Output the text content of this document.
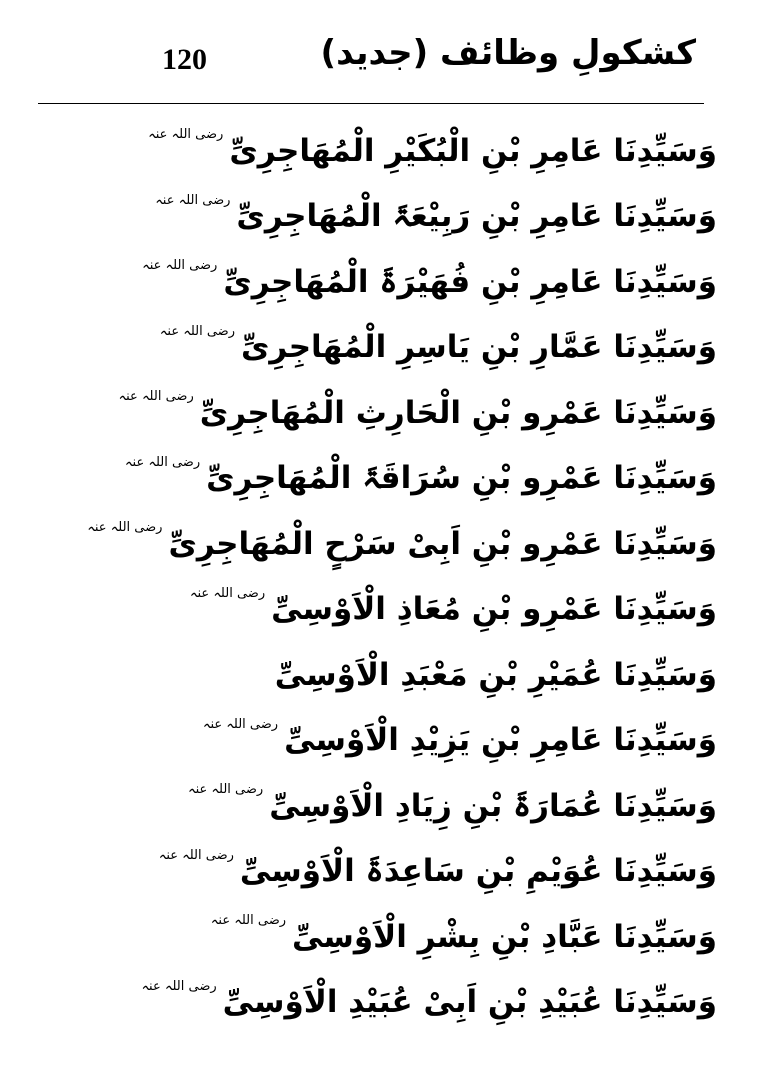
120	کشکولِ وظائف (جدید)
وَسَیِّدِنَا عَامِرِ بْنِ الْبُکَیْرِ الْمُهَاجِرِیِّ
رضی اللہ عنہ
وَسَیِّدِنَا عَامِرِ بْنِ رَبِیْعَۃَ الْمُهَاجِرِیِّ
رضی اللہ عنہ
وَسَیِّدِنَا عَامِرِ بْنِ فُھَیْرَۃَ الْمُهَاجِرِیِّ
رضی اللہ عنہ
وَسَیِّدِنَا عَمَّارِ بْنِ یَاسِرِ الْمُهَاجِرِیِّ
رضی اللہ عنہ
وَسَیِّدِنَا عَمْرِو بْنِ الْحَارِثِ الْمُهَاجِرِیِّ
رضی اللہ عنہ
وَسَیِّدِنَا عَمْرِو بْنِ سُرَاقَۃَ الْمُهَاجِرِیِّ
رضی اللہ عنہ
وَسَیِّدِنَا عَمْرِو بْنِ اَبِیْ سَرْحٍ الْمُهَاجِرِیِّ
رضی اللہ عنہ
وَسَیِّدِنَا عَمْرِو بْنِ مُعَاذِ الْاَوْسِیِّ
رضی اللہ عنہ
وَسَیِّدِنَا عُمَیْرِ بْنِ مَعْبَدِ الْاَوْسِیِّ
وَسَیِّدِنَا عَامِرِ بْنِ یَزِیْدِ الْاَوْسِیِّ
رضی اللہ عنہ
وَسَیِّدِنَا عُمَارَۃَ بْنِ زِیَادِ الْاَوْسِیِّ
رضی اللہ عنہ
وَسَیِّدِنَا عُوَیْمِ بْنِ سَاعِدَۃَ الْاَوْسِیِّ
رضی اللہ عنہ
وَسَیِّدِنَا عَبَّادِ بْنِ بِشْرِ الْاَوْسِیِّ
رضی اللہ عنہ
وَسَیِّدِنَا عُبَیْدِ بْنِ اَبِیْ عُبَیْدِ الْاَوْسِیِّ
رضی اللہ عنہ
